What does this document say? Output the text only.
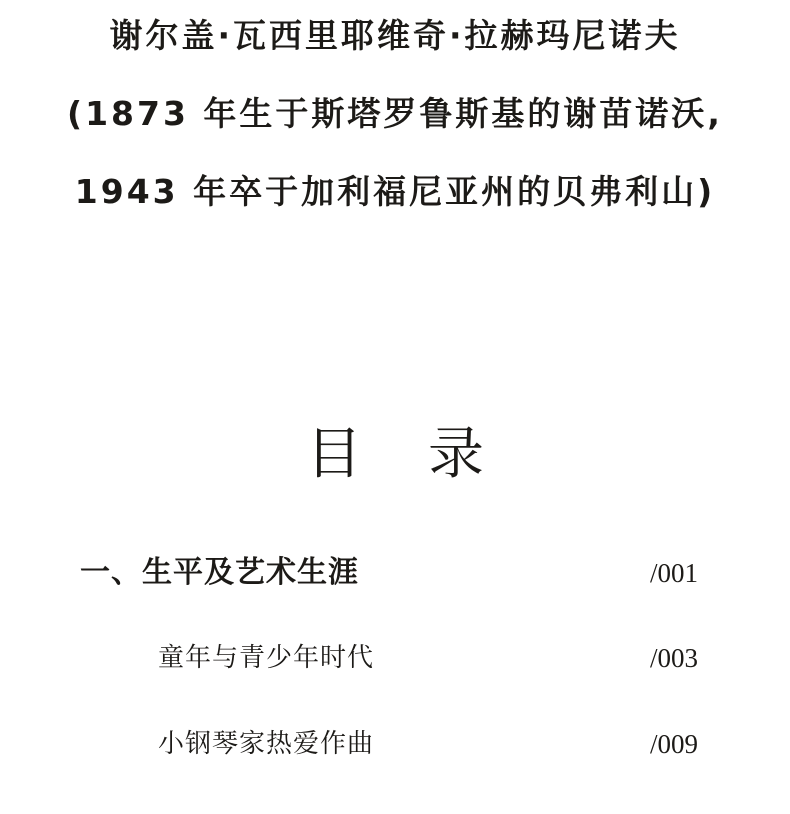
谢尔盖·瓦西里耶维奇·拉赫玛尼诺夫
(1873 年生于斯塔罗鲁斯基的谢苗诺沃,
1943 年卒于加利福尼亚州的贝弗利山)
目 录
一、生平及艺术生涯	/001
童年与青少年时代	/003
小钢琴家热爱作曲	/009
